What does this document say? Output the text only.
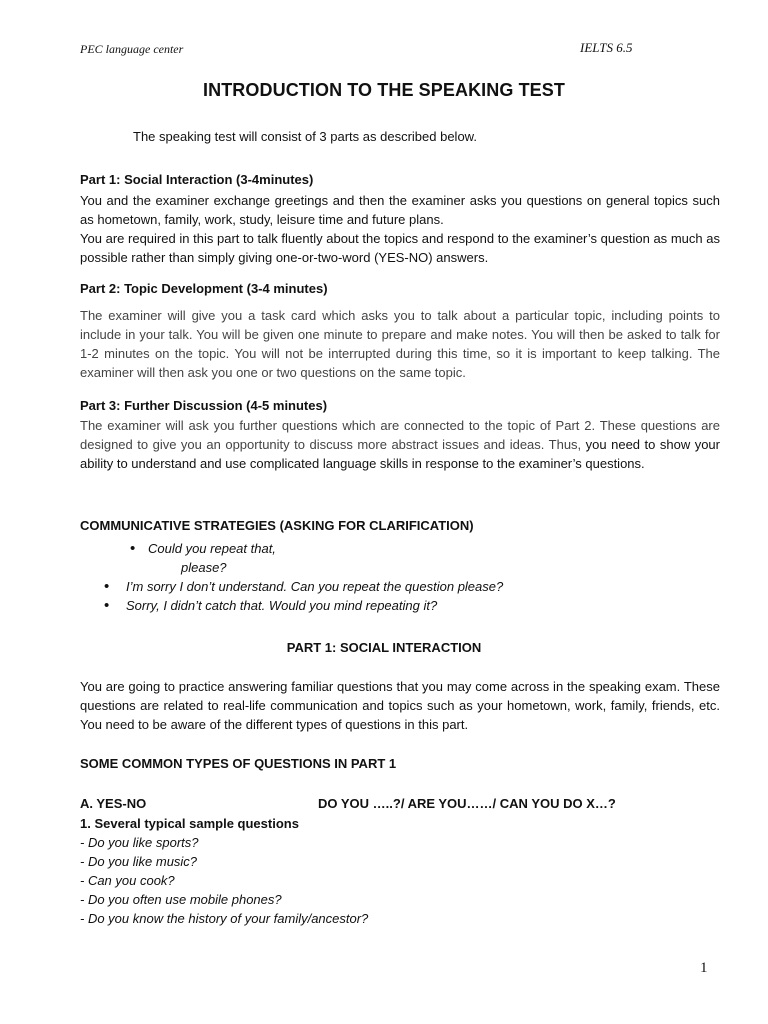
PEC language center	IELTS 6.5
INTRODUCTION TO THE SPEAKING TEST
The speaking test will consist of 3 parts as described below.
Part 1: Social Interaction (3-4minutes)
You and the examiner exchange greetings and then the examiner asks you questions on general topics such as hometown, family, work, study, leisure time and future plans.
You are required in this part to talk fluently about the topics and respond to the examiner’s question as much as possible rather than simply giving one-or-two-word (YES-NO) answers.
Part 2: Topic Development (3-4 minutes)
The examiner will give you a task card which asks you to talk about a particular topic, including points to include in your talk. You will be given one minute to prepare and make notes. You will then be asked to talk for 1-2 minutes on the topic. You will not be interrupted during this time, so it is important to keep talking. The examiner will then ask you one or two questions on the same topic.
Part 3: Further Discussion (4-5 minutes)
The examiner will ask you further questions which are connected to the topic of Part 2. These questions are designed to give you an opportunity to discuss more abstract issues and ideas. Thus, you need to show your ability to understand and use complicated language skills in response to the examiner’s questions.
COMMUNICATIVE STRATEGIES (ASKING FOR CLARIFICATION)
• Could you repeat that,
please?
• I’m sorry I don’t understand. Can you repeat the question please?
• Sorry, I didn’t catch that. Would you mind repeating it?
PART 1: SOCIAL INTERACTION
You are going to practice answering familiar questions that you may come across in the speaking exam. These questions are related to real-life communication and topics such as your hometown, work, family, friends, etc. You need to be aware of the different types of questions in this part.
SOME COMMON TYPES OF QUESTIONS IN PART 1
A. YES-NO	DO YOU …..?/ ARE YOU……/ CAN YOU DO X…?
1. Several typical sample questions
- Do you like sports?
- Do you like music?
- Can you cook?
- Do you often use mobile phones?
- Do you know the history of your family/ancestor?
1
